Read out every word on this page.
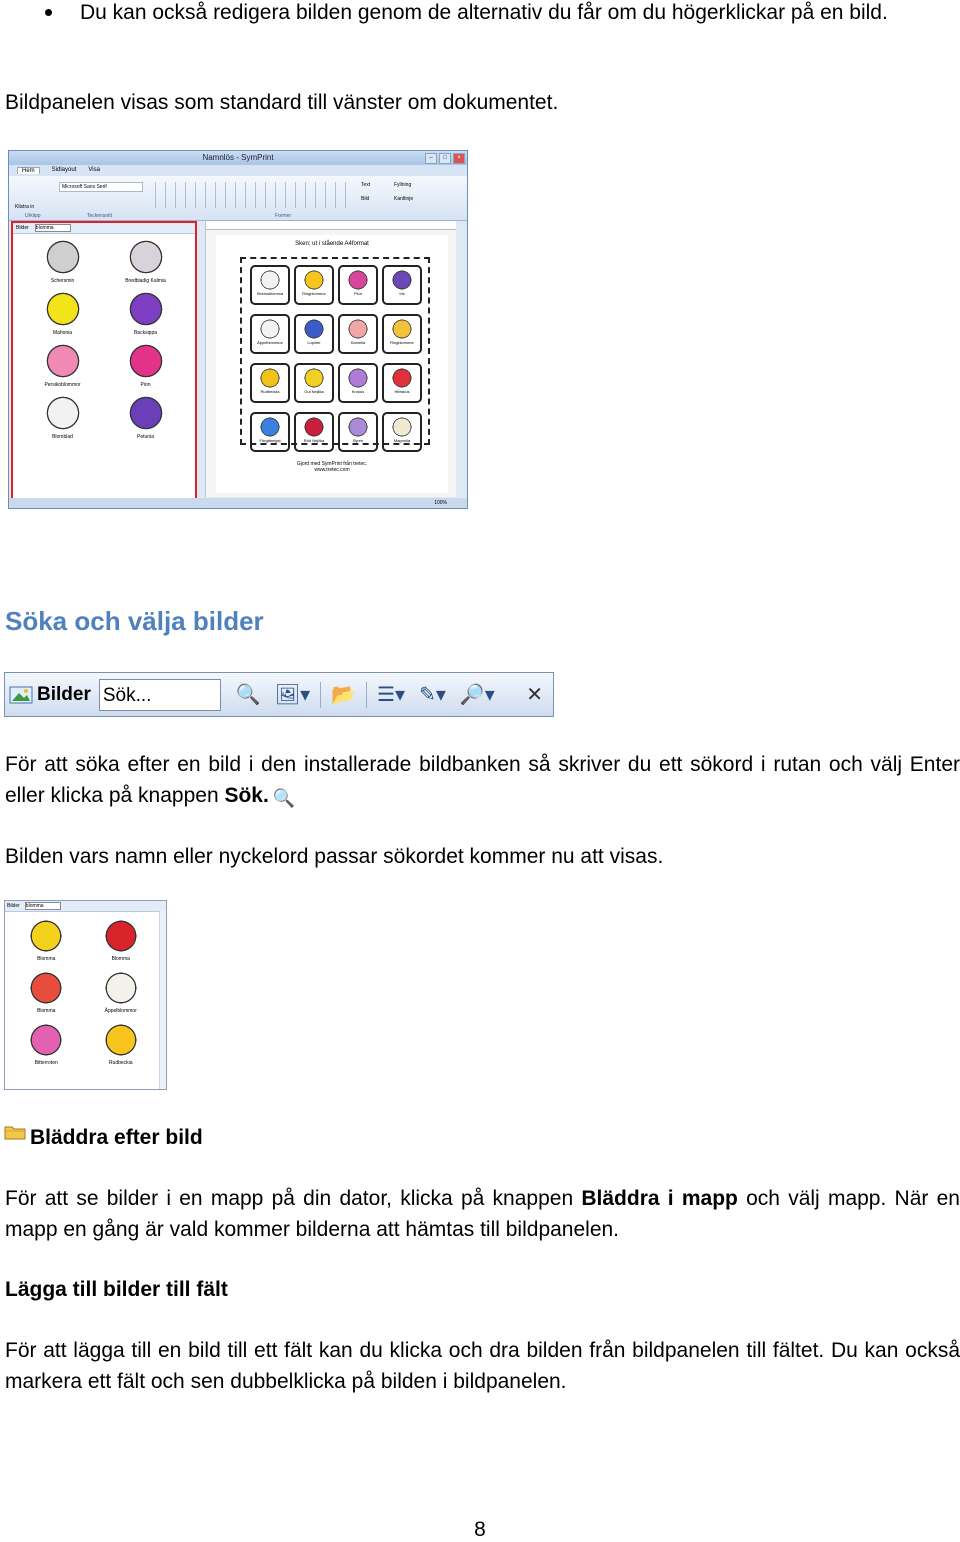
Du kan också redigera bilden genom de alternativ du får om du högerklickar på en bild.
Bildpanelen visas som standard till vänster om dokumentet.
Namnlös - SymPrint	–	□	×
Hem	Sidlayout Visa
Klistra in
Microsoft Sans Serif	Text	Fyllning
Bild	Kantlinje
Urklipp	Teckensnitt	Former
Bilder blomma
Schersmin	Bredbladig Kalmia
Mahonia	Backsippa
Persikoblommor	Pion
Blomblad	Petunia
Sken: ut i stående A4format
Sektusblomma	Ringblommor	Pion	Iris
Äppelblommor	Lupiner	Kamelia	Ringblommor
Rudbeckia	Gul Nejlika	Krokus	Hibiskus
Förgätmigej	Röd Nejlika	Syren	Magnolia
Gjord med SymPrint från tretec.
www.tretec.com
100%
Söka och välja bilder
Bilder Sök...	🔍 🖼▾ 📂 ☰▾ ✎▾ 🔎▾ ✕
För att söka efter en bild i den installerade bildbanken så skriver du ett sökord i rutan och välj Enter eller klicka på knappen Sök. 🔍
Bilden vars namn eller nyckelord passar sökordet kommer nu att visas.
Bilder blomma
Blomma	Blomma
Blomma	Äppelblommor
Bitterroten	Rudbeckia
Bläddra efter bild
För att se bilder i en mapp på din dator, klicka på knappen Bläddra i mapp och välj mapp. När en mapp en gång är vald kommer bilderna att hämtas till bildpanelen.
Lägga till bilder till fält
För att lägga till en bild till ett fält kan du klicka och dra bilden från bildpanelen till fältet. Du kan också markera ett fält och sen dubbelklicka på bilden i bildpanelen.
8
